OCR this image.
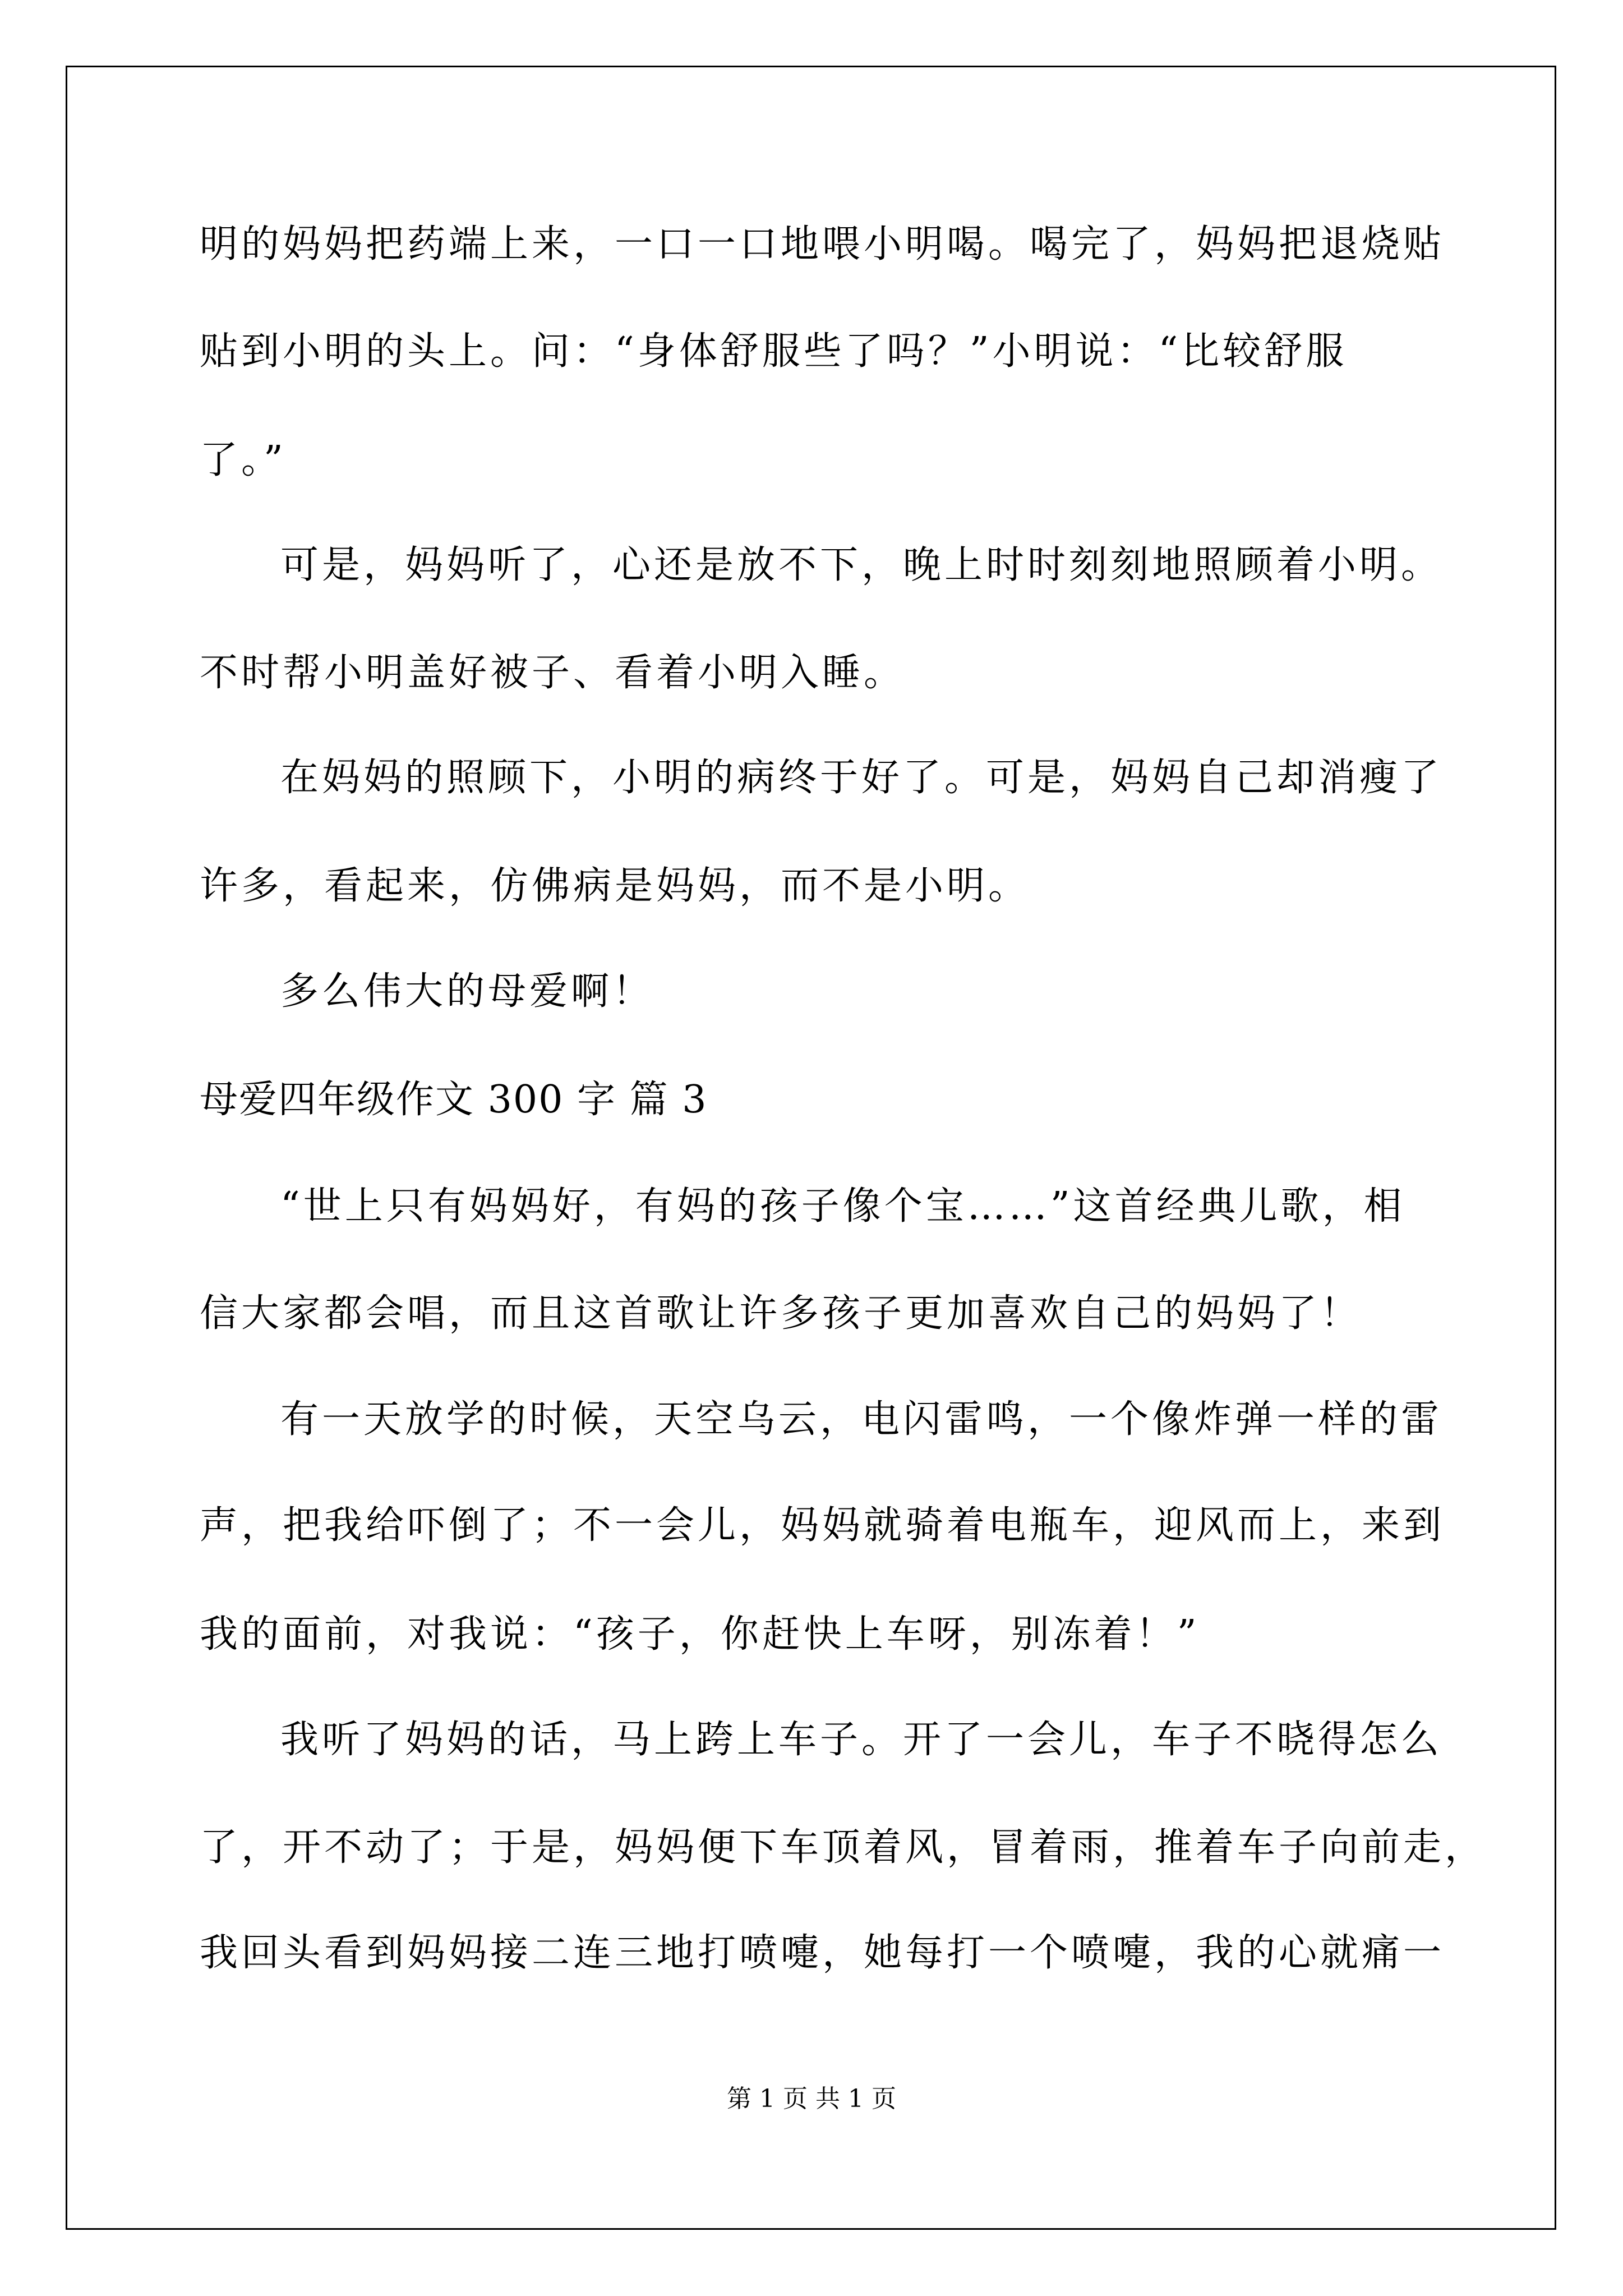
明的妈妈把药端上来，一口一口地喂小明喝。喝完了，妈妈把退烧贴
贴到小明的头上。问：“身体舒服些了吗？”小明说：“比较舒服
了。”
可是，妈妈听了，心还是放不下，晚上时时刻刻地照顾着小明。
不时帮小明盖好被子、看着小明入睡。
在妈妈的照顾下，小明的病终于好了。可是，妈妈自己却消瘦了
许多，看起来，仿佛病是妈妈，而不是小明。
多么伟大的母爱啊！
母爱四年级作文 300 字 篇 3
“世上只有妈妈好，有妈的孩子像个宝……”这首经典儿歌，相
信大家都会唱，而且这首歌让许多孩子更加喜欢自己的妈妈了！
有一天放学的时候，天空乌云，电闪雷鸣，一个像炸弹一样的雷
声，把我给吓倒了；不一会儿，妈妈就骑着电瓶车，迎风而上，来到
我的面前，对我说：“孩子，你赶快上车呀，别冻着！”
我听了妈妈的话，马上跨上车子。开了一会儿，车子不晓得怎么
了，开不动了；于是，妈妈便下车顶着风，冒着雨，推着车子向前走，
我回头看到妈妈接二连三地打喷嚏，她每打一个喷嚏，我的心就痛一
第 1 页 共 1 页
